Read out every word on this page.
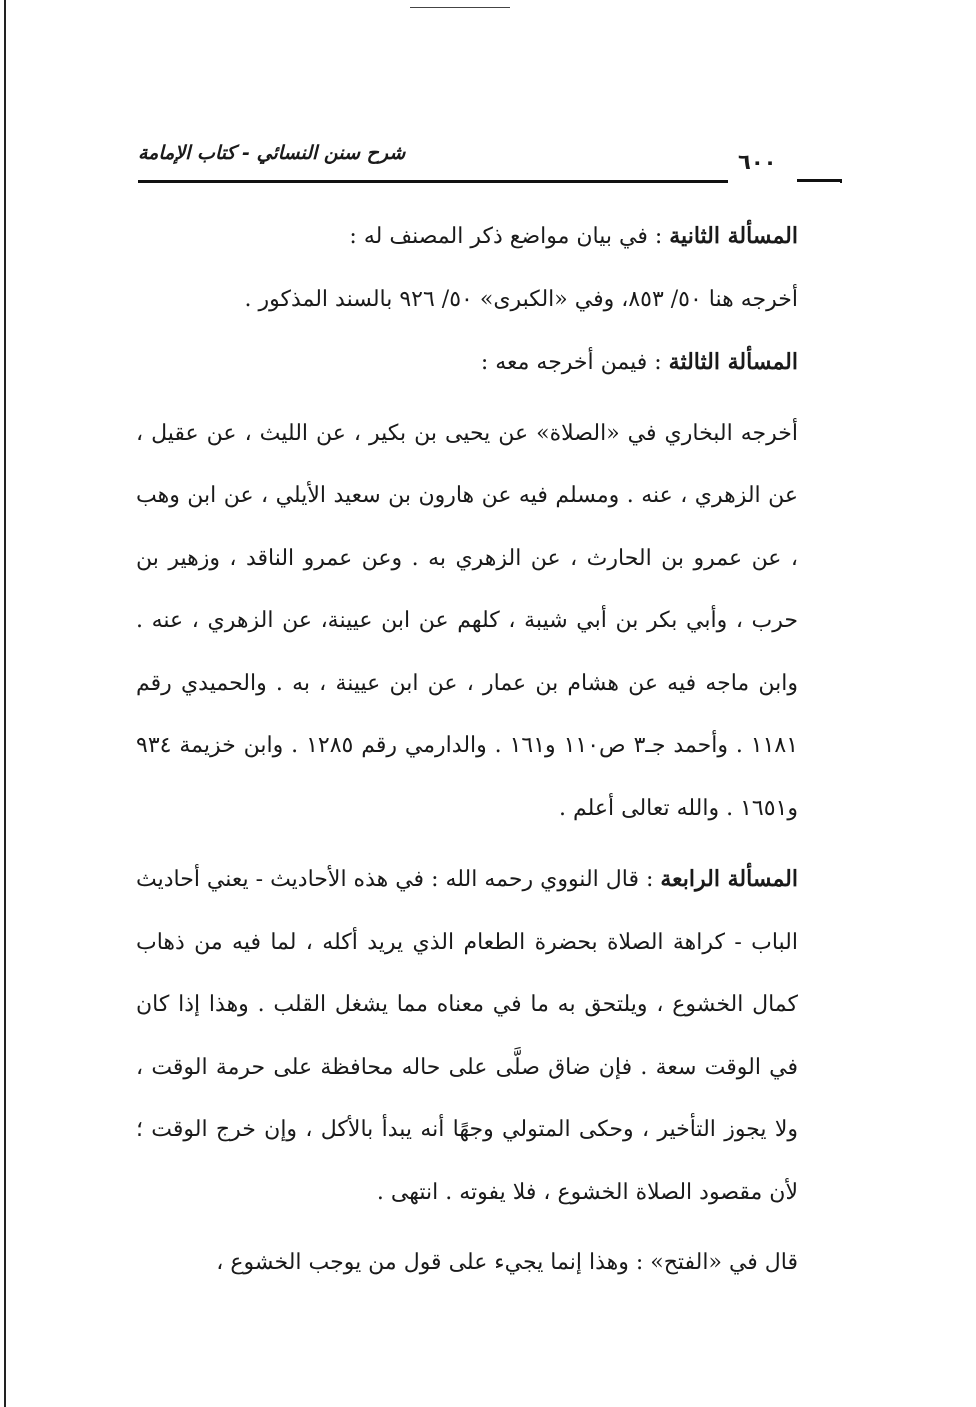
شرح سنن النسائي - كتاب الإمامة	٦٠٠

المسألة الثانية : في بيان مواضع ذكر المصنف له :

أخرجه هنا ٥٠/ ٨٥٣، وفي «الكبرى» ٥٠/ ٩٢٦ بالسند المذكور .

المسألة الثالثة : فيمن أخرجه معه :

أخرجه البخاري في «الصلاة» عن يحيى بن بكير ، عن الليث ، عن عقيل ، عن الزهري ، عنه . ومسلم فيه عن هارون بن سعيد الأيلي ، عن ابن وهب ، عن عمرو بن الحارث ، عن الزهري به . وعن عمرو الناقد ، وزهير بن حرب ، وأبي بكر بن أبي شيبة ، كلهم عن ابن عيينة، عن الزهري ، عنه . وابن ماجه فيه عن هشام بن عمار ، عن ابن عيينة ، به . والحميدي رقم ١١٨١ . وأحمد جـ٣ ص١١٠ و١٦١ . والدارمي رقم ١٢٨٥ . وابن خزيمة ٩٣٤ و١٦٥١ . والله تعالى أعلم .

المسألة الرابعة : قال النووي رحمه الله : في هذه الأحاديث - يعني أحاديث الباب - كراهة الصلاة بحضرة الطعام الذي يريد أكله ، لما فيه من ذهاب كمال الخشوع ، ويلتحق به ما في معناه مما يشغل القلب . وهذا إذا كان في الوقت سعة . فإن ضاق صلَّى على حاله محافظة على حرمة الوقت ، ولا يجوز التأخير ، وحكى المتولي وجهًا أنه يبدأ بالأكل ، وإن خرج الوقت ؛ لأن مقصود الصلاة الخشوع ، فلا يفوته . انتهى .

قال في «الفتح» : وهذا إنما يجيء على قول من يوجب الخشوع ،
